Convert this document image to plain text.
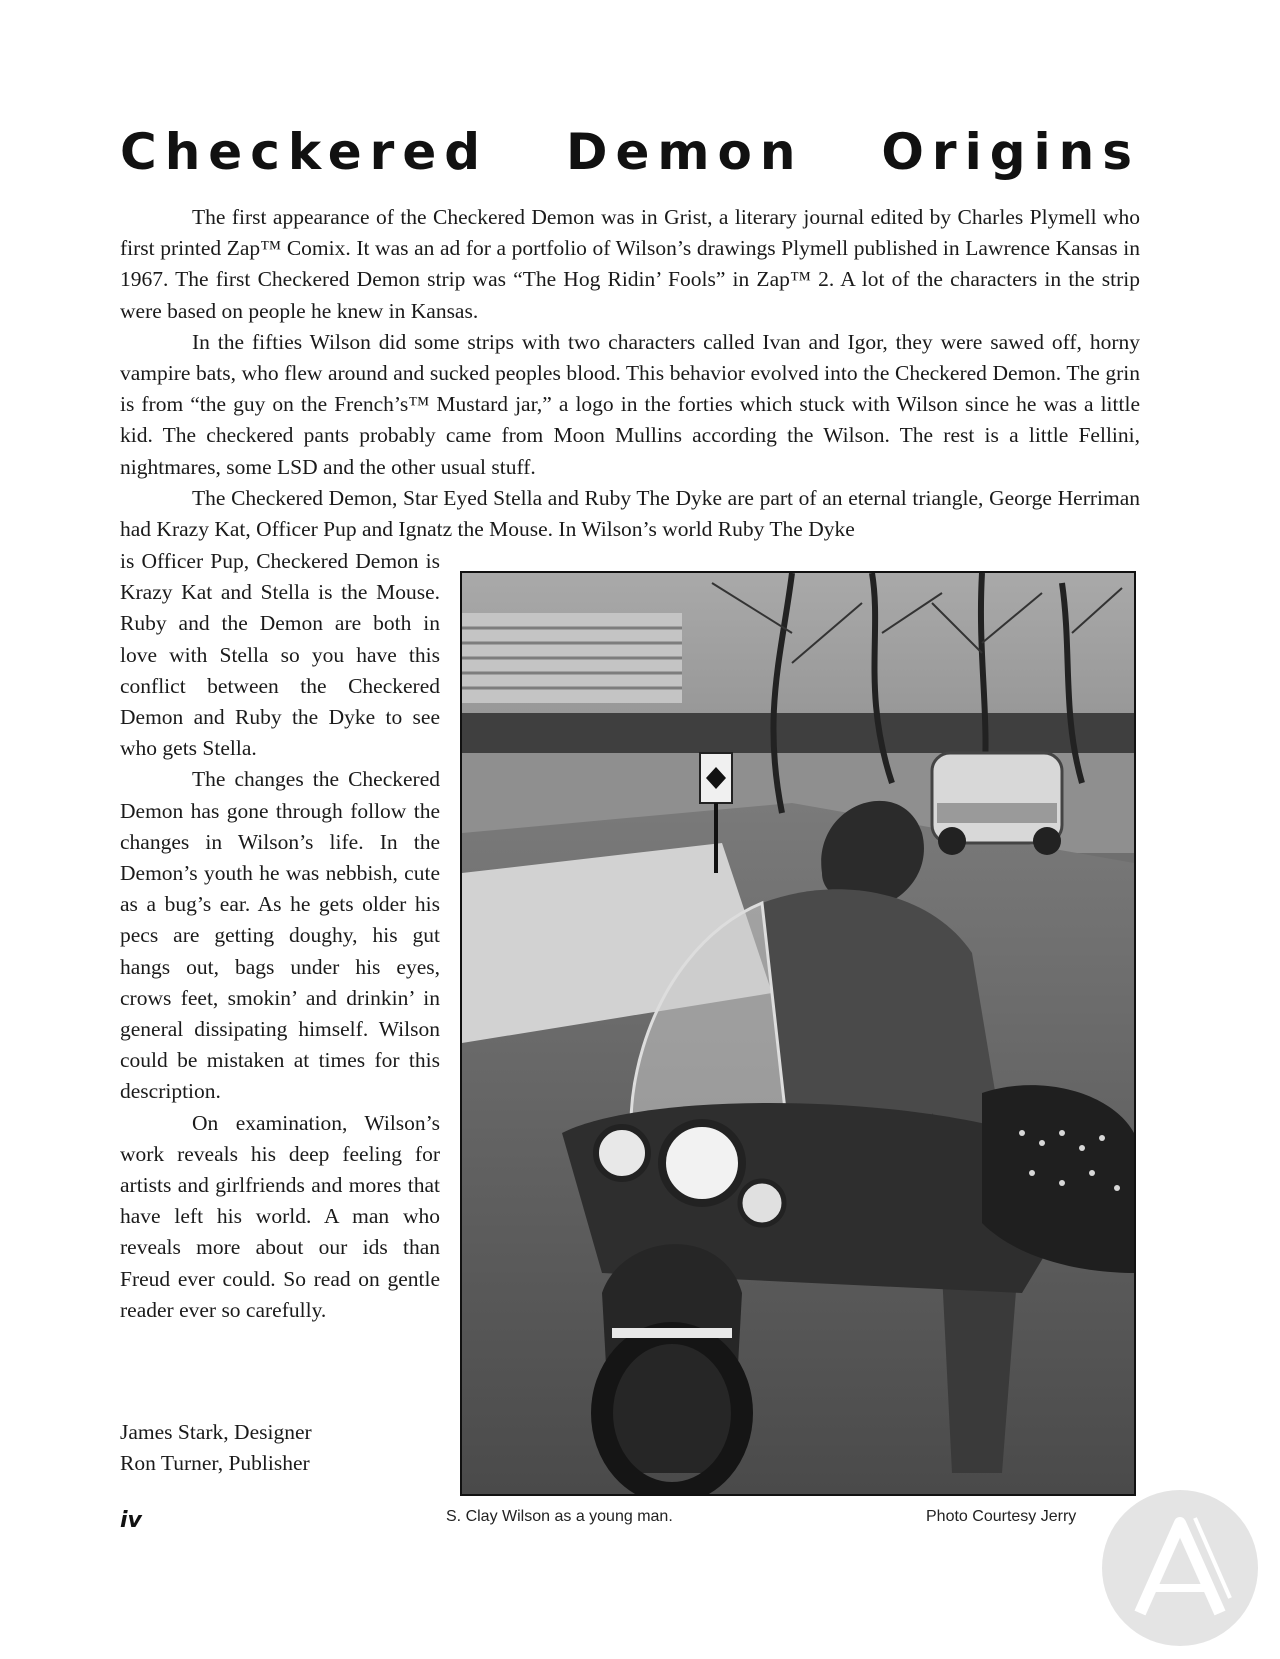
Checkered Demon Origins

The first appearance of the Checkered Demon was in Grist, a literary journal edited by Charles Plymell who first printed Zap™ Comix. It was an ad for a portfolio of Wilson’s drawings Plymell published in Lawrence Kansas in 1967. The first Checkered Demon strip was “The Hog Ridin’ Fools” in Zap™ 2. A lot of the characters in the strip were based on people he knew in Kansas.

In the fifties Wilson did some strips with two characters called Ivan and Igor, they were sawed off, horny vampire bats, who flew around and sucked peoples blood. This behavior evolved into the Checkered Demon. The grin is from “the guy on the French’s™ Mustard jar,” a logo in the forties which stuck with Wilson since he was a little kid. The checkered pants probably came from Moon Mullins according the Wilson. The rest is a little Fellini, nightmares, some LSD and the other usual stuff.

The Checkered Demon, Star Eyed Stella and Ruby The Dyke are part of an eternal triangle, George Herriman had Krazy Kat, Officer Pup and Ignatz the Mouse. In Wilson’s world Ruby The Dyke

is Officer Pup, Checkered Demon is Krazy Kat and Stella is the Mouse. Ruby and the Demon are both in love with Stella so you have this conflict between the Checkered Demon and Ruby the Dyke to see who gets Stella.

The changes the Checkered Demon has gone through follow the changes in Wilson’s life. In the Demon’s youth he was nebbish, cute as a bug’s ear. As he gets older his pecs are getting doughy, his gut hangs out, bags under his eyes, crows feet, smokin’ and drinkin’ in general dissipating himself. Wilson could be mistaken at times for this description.

On examination, Wilson’s work reveals his deep feeling for artists and girlfriends and mores that have left his world. A man who reveals more about our ids than Freud ever could. So read on gentle reader ever so carefully.

James Stark, Designer
Ron Turner, Publisher
S. Clay Wilson as a young man.	Photo Courtesy Jerry
iv
